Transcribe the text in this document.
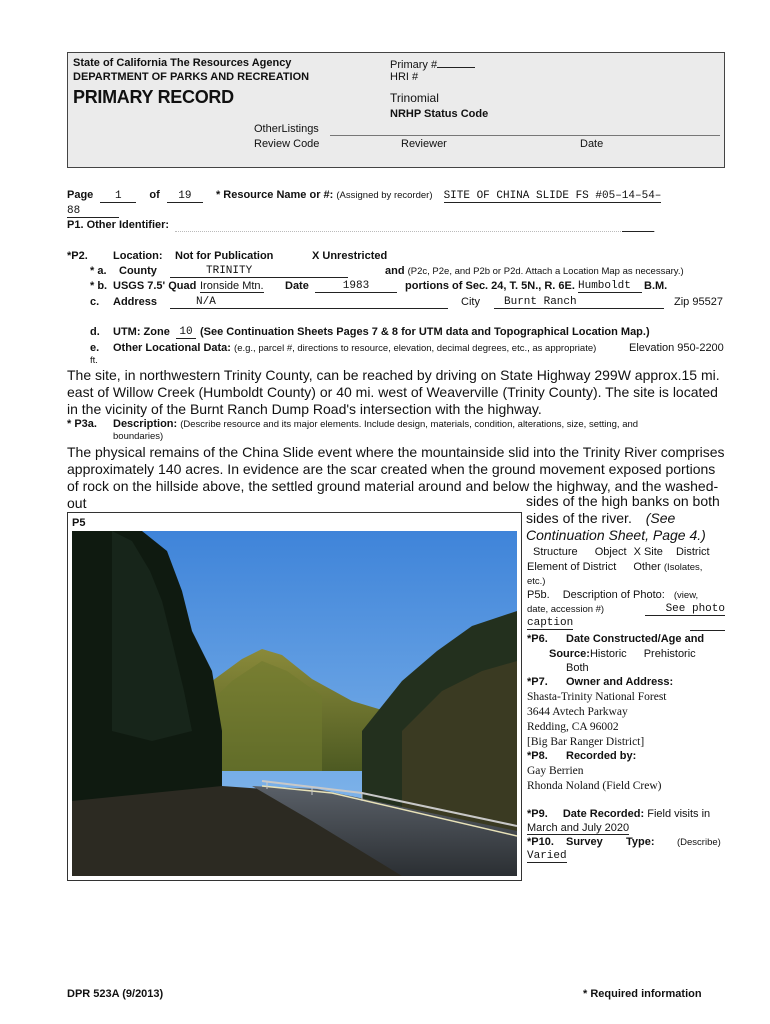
State of California The Resources Agency
DEPARTMENT OF PARKS AND RECREATION
PRIMARY RECORD
Primary #
HRI #
Trinomial
NRHP Status Code
OtherListings
Review Code	Reviewer	Date
Page 1	of 19 * Resource Name or #: (Assigned by recorder) SITE OF CHINA SLIDE FS #05–14–54–
88
P1. Other Identifier:
*P2. Location: Not for Publication	X Unrestricted
* a. County	TRINITY	and (P2c, P2e, and P2b or P2d. Attach a Location Map as necessary.)
* b. USGS 7.5' Quad Ironside Mtn. Date	1983	portions of Sec. 24, T. 5N., R. 6E. Humboldt	B.M.
c. Address	N/A	City	Burnt Ranch	Zip 95527
d. UTM: Zone 10 (See Continuation Sheets Pages 7 & 8 for UTM data and Topographical Location Map.)
e. Other Locational Data: (e.g., parcel #, directions to resource, elevation, decimal degrees, etc., as appropriate)	Elevation 950-2200
ft.
The site, in northwestern Trinity County, can be reached by driving on State Highway 299W approx.15 mi. east of Willow Creek (Humboldt County) or 40 mi. west of Weaverville (Trinity County). The site is located in the vicinity of the Burnt Ranch Dump Road's intersection with the highway.
* P3a. Description: (Describe resource and its major elements. Include design, materials, condition, alterations, size, setting, and
boundaries)
The physical remains of the China Slide event where the mountainside slid into the Trinity River comprises approximately 140 acres. In evidence are the scar created when the ground movement exposed portions of rock on the hillside above, the settled ground material around and below the highway, and the washed-out	sides of the high banks on both
sides of the river. (See
Continuation Sheet, Page 4.)
P5
Structure Object X Site District
Element of District Other (Isolates,
etc.)
P5b. Description of Photo: (view,
date, accession #)	See photo
caption
*P6. Date Constructed/Age and
Source:Historic Prehistoric
Both
*P7. Owner and Address:
Shasta-Trinity National Forest
3644 Avtech Parkway
Redding, CA 96002
[Big Bar Ranger District]
*P8. Recorded by:
Gay Berrien
Rhonda Noland (Field Crew)
*P9. Date Recorded: Field visits in
March and July 2020
*P10. Survey Type: (Describe)
Varied
DPR 523A (9/2013)	* Required information
